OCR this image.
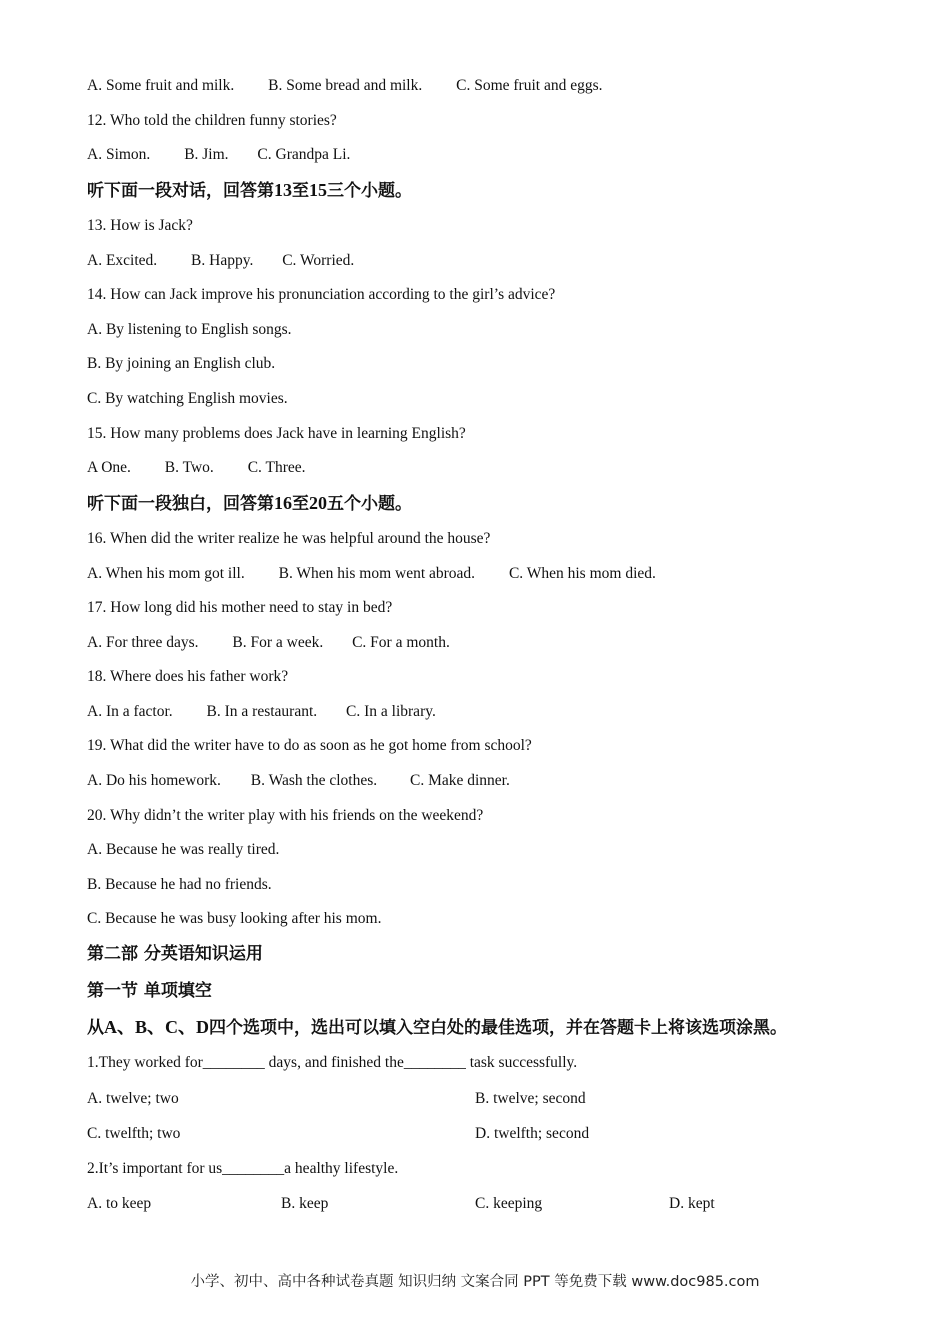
A. Some fruit and milk. B. Some bread and milk. C. Some fruit and eggs.
12. Who told the children funny stories?
A. Simon. B. Jim. C. Grandpa Li.
听下面一段对话，回答第13至15三个小题。
13. How is Jack?
A. Excited. B. Happy. C. Worried.
14. How can Jack improve his pronunciation according to the girl’s advice?
A. By listening to English songs.
B. By joining an English club.
C. By watching English movies.
15. How many problems does Jack have in learning English?
A One. B. Two. C. Three.
听下面一段独白，回答第16至20五个小题。
16. When did the writer realize he was helpful around the house?
A. When his mom got ill. B. When his mom went abroad. C. When his mom died.
17. How long did his mother need to stay in bed?
A. For three days. B. For a week. C. For a month.
18. Where does his father work?
A. In a factor. B. In a restaurant. C. In a library.
19. What did the writer have to do as soon as he got home from school?
A. Do his homework. B. Wash the clothes. C. Make dinner.
20. Why didn’t the writer play with his friends on the weekend?
A. Because he was really tired.
B. Because he had no friends.
C. Because he was busy looking after his mom.
第二部 分英语知识运用
第一节 单项填空
从A、B、C、D四个选项中，选出可以填入空白处的最佳选项，并在答题卡上将该选项涂黑。
1.They worked for________ days, and finished the________ task successfully.
A. twelve; two	B. twelve; second
C. twelfth; two	D. twelfth; second
2.It’s important for us________a healthy lifestyle.
A. to keep	B. keep	C. keeping	D. kept
小学、初中、高中各种试卷真题 知识归纳 文案合同 PPT 等免费下载 www.doc985.com
